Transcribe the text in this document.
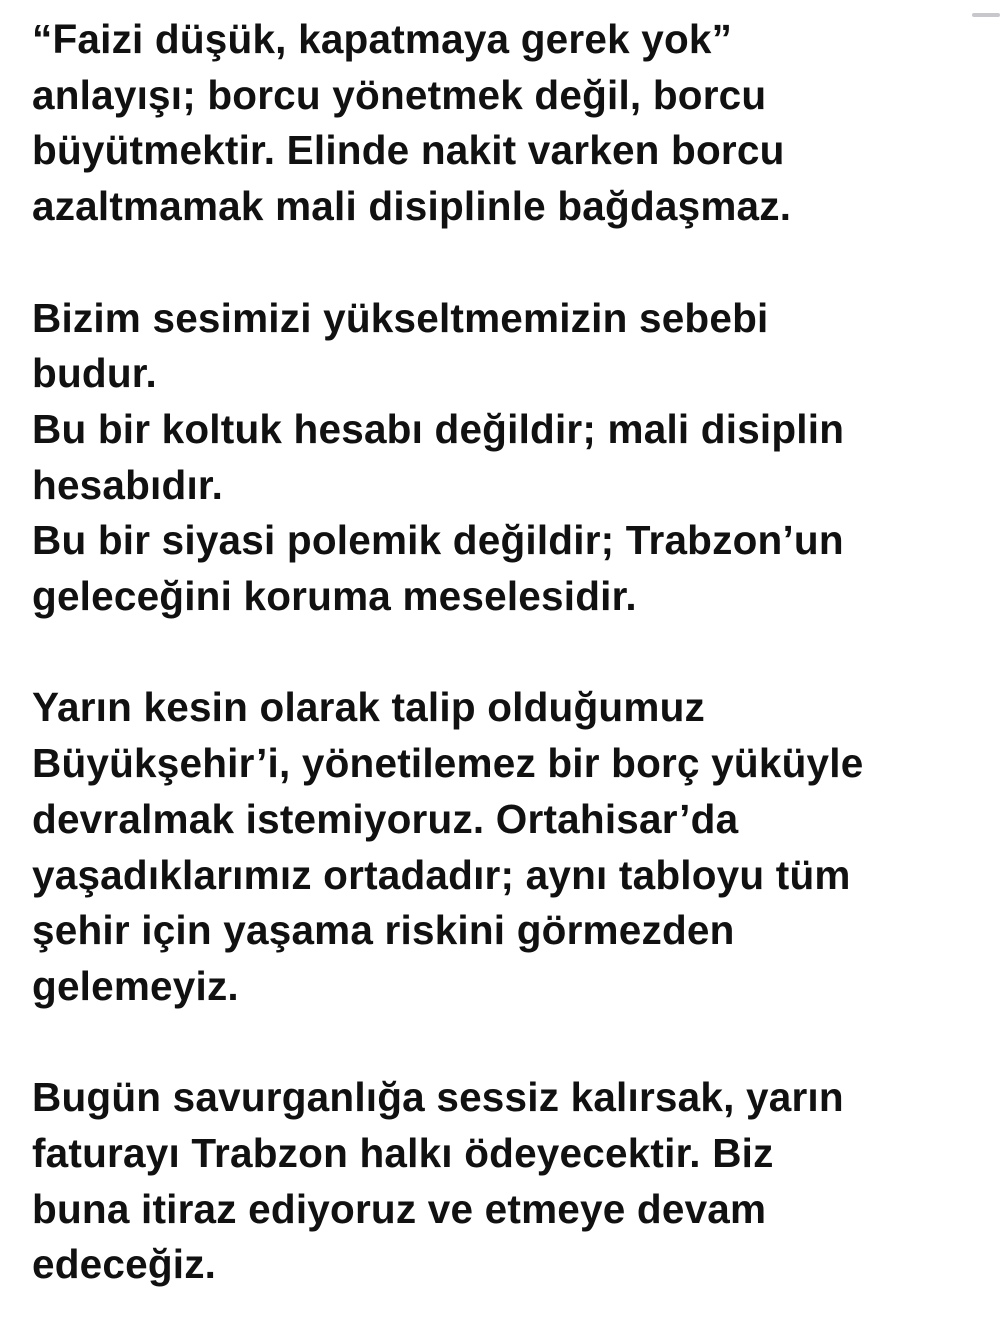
“Faizi düşük, kapatmaya gerek yok”
anlayışı; borcu yönetmek değil, borcu
büyütmektir. Elinde nakit varken borcu
azaltmamak mali disiplinle bağdaşmaz.

Bizim sesimizi yükseltmemizin sebebi
budur.
Bu bir koltuk hesabı değildir; mali disiplin
hesabıdır.
Bu bir siyasi polemik değildir; Trabzon’un
geleceğini koruma meselesidir.

Yarın kesin olarak talip olduğumuz
Büyükşehir’i, yönetilemez bir borç yüküyle
devralmak istemiyoruz. Ortahisar’da
yaşadıklarımız ortadadır; aynı tabloyu tüm
şehir için yaşama riskini görmezden
gelemeyiz.

Bugün savurganlığa sessiz kalırsak, yarın
faturayı Trabzon halkı ödeyecektir. Biz
buna itiraz ediyoruz ve etmeye devam
edeceğiz.
